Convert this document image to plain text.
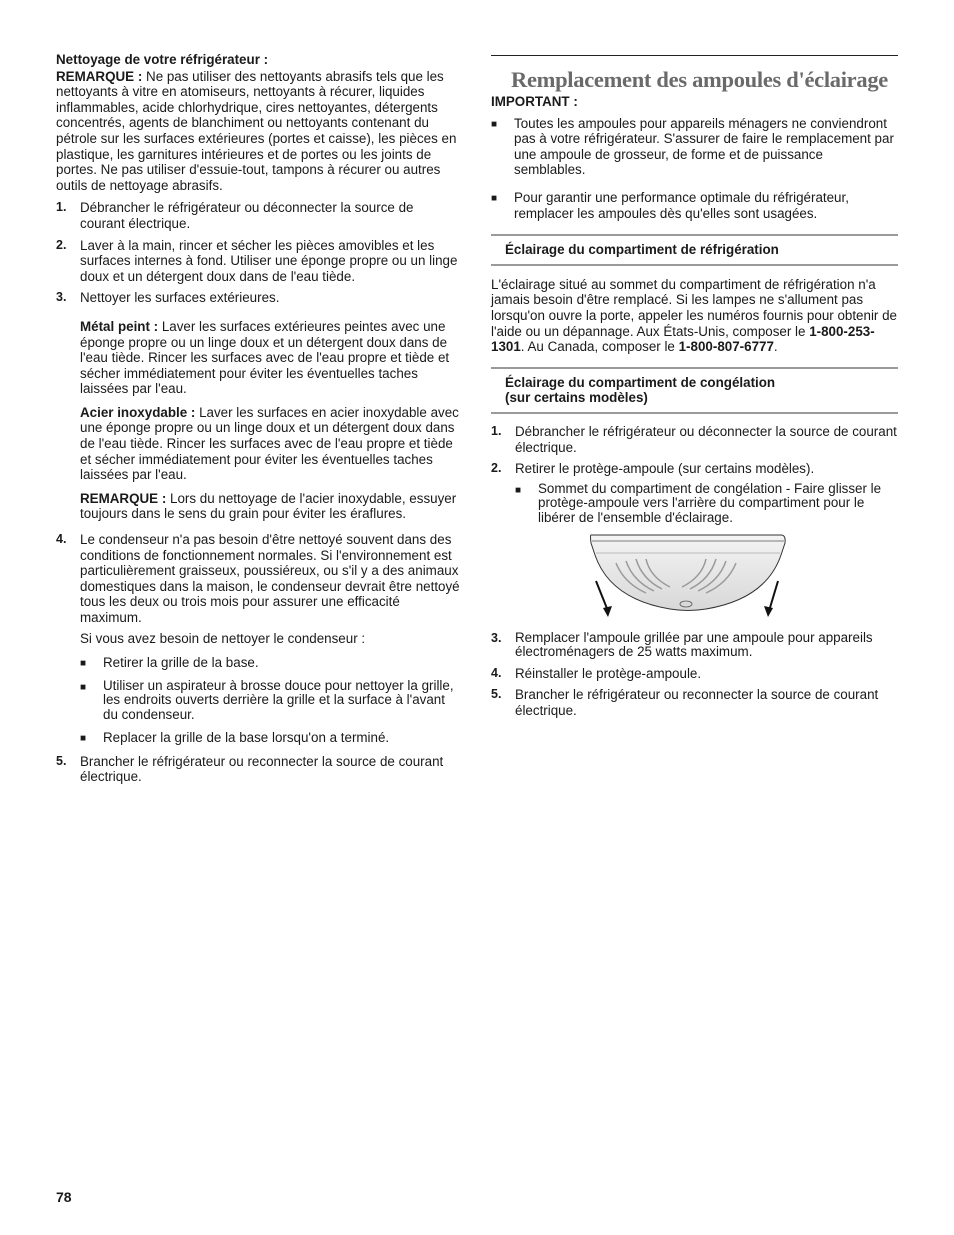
Nettoyage de votre réfrigérateur :

REMARQUE : Ne pas utiliser des nettoyants abrasifs tels que les nettoyants à vitre en atomiseurs, nettoyants à récurer, liquides inflammables, acide chlorhydrique, cires nettoyantes, détergents concentrés, agents de blanchiment ou nettoyants contenant du pétrole sur les surfaces extérieures (portes et caisse), les pièces en plastique, les garnitures intérieures et de portes ou les joints de portes. Ne pas utiliser d'essuie-tout, tampons à récurer ou autres outils de nettoyage abrasifs.

1. Débrancher le réfrigérateur ou déconnecter la source de courant électrique.

2. Laver à la main, rincer et sécher les pièces amovibles et les surfaces internes à fond. Utiliser une éponge propre ou un linge doux et un détergent doux dans de l'eau tiède.

3. Nettoyer les surfaces extérieures.

Métal peint : Laver les surfaces extérieures peintes avec une éponge propre ou un linge doux et un détergent doux dans de l'eau tiède. Rincer les surfaces avec de l'eau propre et tiède et sécher immédiatement pour éviter les éventuelles taches laissées par l'eau.

Acier inoxydable : Laver les surfaces en acier inoxydable avec une éponge propre ou un linge doux et un détergent doux dans de l'eau tiède. Rincer les surfaces avec de l'eau propre et tiède et sécher immédiatement pour éviter les éventuelles taches laissées par l'eau.

REMARQUE : Lors du nettoyage de l'acier inoxydable, essuyer toujours dans le sens du grain pour éviter les éraflures.

4. Le condenseur n'a pas besoin d'être nettoyé souvent dans des conditions de fonctionnement normales. Si l'environnement est particulièrement graisseux, poussiéreux, ou s'il y a des animaux domestiques dans la maison, le condenseur devrait être nettoyé tous les deux ou trois mois pour assurer une efficacité maximum.

Si vous avez besoin de nettoyer le condenseur :

■ Retirer la grille de la base.

■ Utiliser un aspirateur à brosse douce pour nettoyer la grille, les endroits ouverts derrière la grille et la surface à l'avant du condenseur.

■ Replacer la grille de la base lorsqu'on a terminé.

5. Brancher le réfrigérateur ou reconnecter la source de courant électrique.

Remplacement des ampoules d'éclairage

IMPORTANT :

■ Toutes les ampoules pour appareils ménagers ne conviendront pas à votre réfrigérateur. S'assurer de faire le remplacement par une ampoule de grosseur, de forme et de puissance semblables.

■ Pour garantir une performance optimale du réfrigérateur, remplacer les ampoules dès qu'elles sont usagées.

Éclairage du compartiment de réfrigération

L'éclairage situé au sommet du compartiment de réfrigération n'a jamais besoin d'être remplacé. Si les lampes ne s'allument pas lorsqu'on ouvre la porte, appeler les numéros fournis pour obtenir de l'aide ou un dépannage. Aux États-Unis, composer le 1-800-253-1301. Au Canada, composer le 1-800-807-6777.

Éclairage du compartiment de congélation
(sur certains modèles)
1. Débrancher le réfrigérateur ou déconnecter la source de courant électrique.

2. Retirer le protège-ampoule (sur certains modèles).

■ Sommet du compartiment de congélation - Faire glisser le protège-ampoule vers l'arrière du compartiment pour le libérer de l'ensemble d'éclairage.

3. Remplacer l'ampoule grillée par une ampoule pour appareils électroménagers de 25 watts maximum.

4. Réinstaller le protège-ampoule.

5. Brancher le réfrigérateur ou reconnecter la source de courant électrique.

78
